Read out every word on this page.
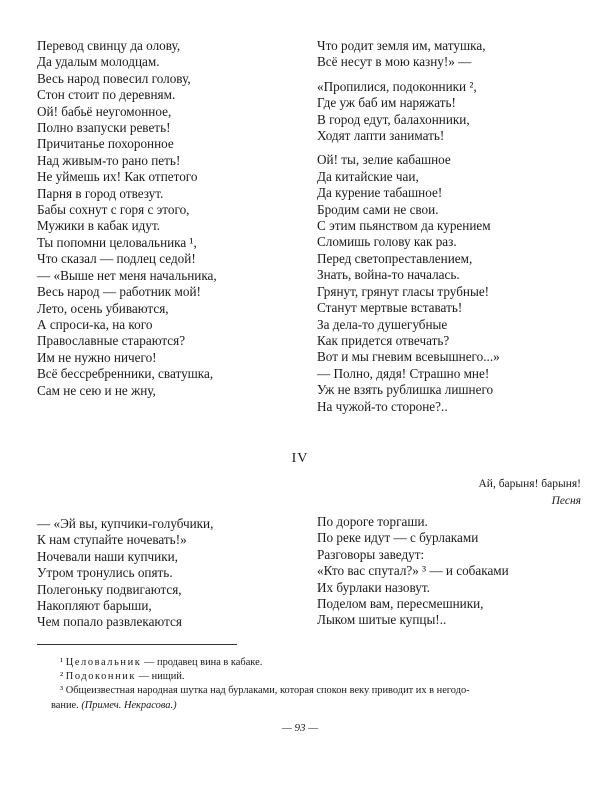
Перевод свинцу да олову,
Да удалым молодцам.
Весь народ повесил голову,
Стон стоит по деревням.
Ой! бабьё неугомонное,
Полно взапуски реветь!
Причитанье похоронное
Над живым-то рано петь!
Не уймешь их! Как отпетого
Парня в город отвезут.
Бабы сохнут с горя с этого,
Мужики в кабак идут.
Ты попомни целовальника ¹,
Что сказал — подлец седой!
— «Выше нет меня начальника,
Весь народ — работник мой!
Лето, осень убиваются,
А спроси-ка, на кого
Православные стараются?
Им не нужно ничего!
Всё бессребренники, сватушка,
Сам не сею и не жну,
Что родит земля им, матушка,
Всё несут в мою казну!» —
«Пропилися, подоконники ²,
Где уж баб им наряжать!
В город едут, балахонники,
Ходят лапти занимать!
Ой! ты, зелие кабашное
Да китайские чаи,
Да курение табашное!
Бродим сами не свои.
С этим пьянством да курением
Сломишь голову как раз.
Перед светопреставлением,
Знать, война-то началась.
Грянут, грянут гласы трубные!
Станут мертвые вставать!
За дела-то душегубные
Как придется отвечать?
Вот и мы гневим всевышнего...»
— Полно, дядя! Страшно мне!
Уж не взять рублишка лишнего
На чужой-то стороне?..
IV
Ай, барыня! барыня!
Песня
— «Эй вы, купчики-голубчики,
К нам ступайте ночевать!»
Ночевали наши купчики,
Утром тронулись опять.
Полегоньку подвигаются,
Накопляют барыши,
Чем попало развлекаются
По дороге торгаши.
По реке идут — с бурлаками
Разговоры заведут:
«Кто вас спутал?» ³ — и собаками
Их бурлаки назовут.
Поделом вам, пересмешники,
Лыком шитые купцы!..
¹ Целовальник — продавец вина в кабаке.
² Подоконник — нищий.
³ Общеизвестная народная шутка над бурлаками, которая спокон веку приводит их в негодо-
вание. (Примеч. Некрасова.)
— 93 —
